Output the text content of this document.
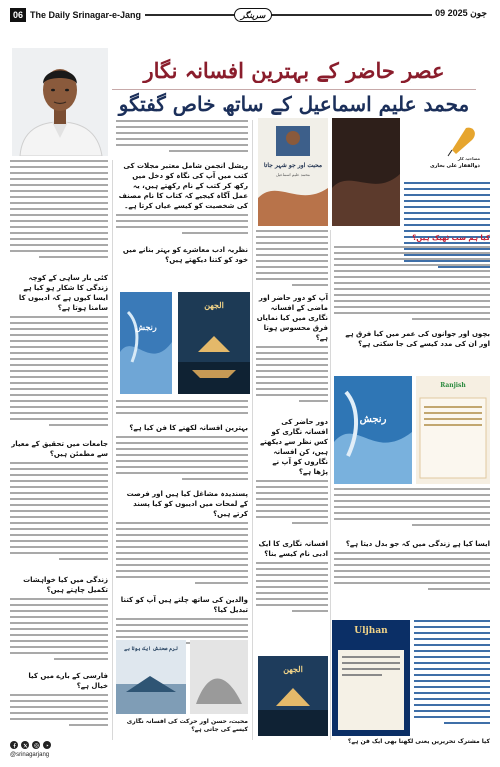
06 The Daily Srinagar-e-Jang	ﺳﺮﯾﻨﮕﺮ	09 جون 2025
عصرِ حاضر کے بہترین افسانہ نگار
محمد علیم اسماعیل کے ساتھ خاص گفتگو
کئی بار ساہی کے کوچہ زندگی کا شکار ہو کیا ہے ایسا کیوں ہے کہ ادیبوں کا سامنا ہوتا ہے؟
جامعات میں تحقیق کے معیار سے مطمئن ہیں؟
زندگی میں کیا خواہشات تکمیل چاہتے ہیں؟
فارسی کے بارے میں کیا خیال ہے؟
ریشل انجمن شامل معتبر مجلات کی کتب میں آپ کی نگاہ کو دخل میں رکھ کر کتب کے نام رکھتے ہیں، یہ عمل آگاہ کیجیے کہ کتاب کا نام مصنف کی شخصیت کو کیسے عیاں کرتا ہے۔
نظریہ ادب معاشرے کو بہتر بنانے میں خود کو کتنا دیکھتے ہیں؟
رنجش
الجھن
بہترین افسانہ لکھنے کا فن کیا ہے؟
پسندیدہ مشاغل کیا ہیں اور فرصت کے لمحات میں ادیبوں کو کیا پسند کرتے ہیں؟
والدین کی ساتھ چلتے ہیں آپ کو کتنا تبدیل کیا؟
لرم صحنش ایک ہوتا ہے
محبت اور جو شہر جاتا
محمد علیم اسماعیل
مصاحبہ کار
ذوالفقار علی بخاری
آپ کو دور حاضر اور ماضی کے افسانہ نگاری میں کیا نمایاں فرق محسوس ہوتا ہے؟
کیا ہم سب ٹھیک ہیں؟
بچوں اور جوانوں کی عمر میں کیا فرق ہے اور ان کی مدد کیسے کی جا سکتی ہے؟
رنجش
Ranjish
دور حاضر کی افسانہ نگاری کو کس نظر سے دیکھتے ہیں، کن افسانہ نگاروں کو آپ نے پڑھا ہے؟
ایسا کیا ہے زندگی میں کہ جو بدل دیتا ہے؟
افسانہ نگاری کا ایک ادبی نام کیسے بنا؟
الجھن
Uljhan
کیا مشترک تحریریں یعنی لکھنا بھی ایک فن ہے؟
محبت، حسن اور حرکت کی افسانہ نگاری کیسے کی جاتی ہے؟
@srinagarjang
